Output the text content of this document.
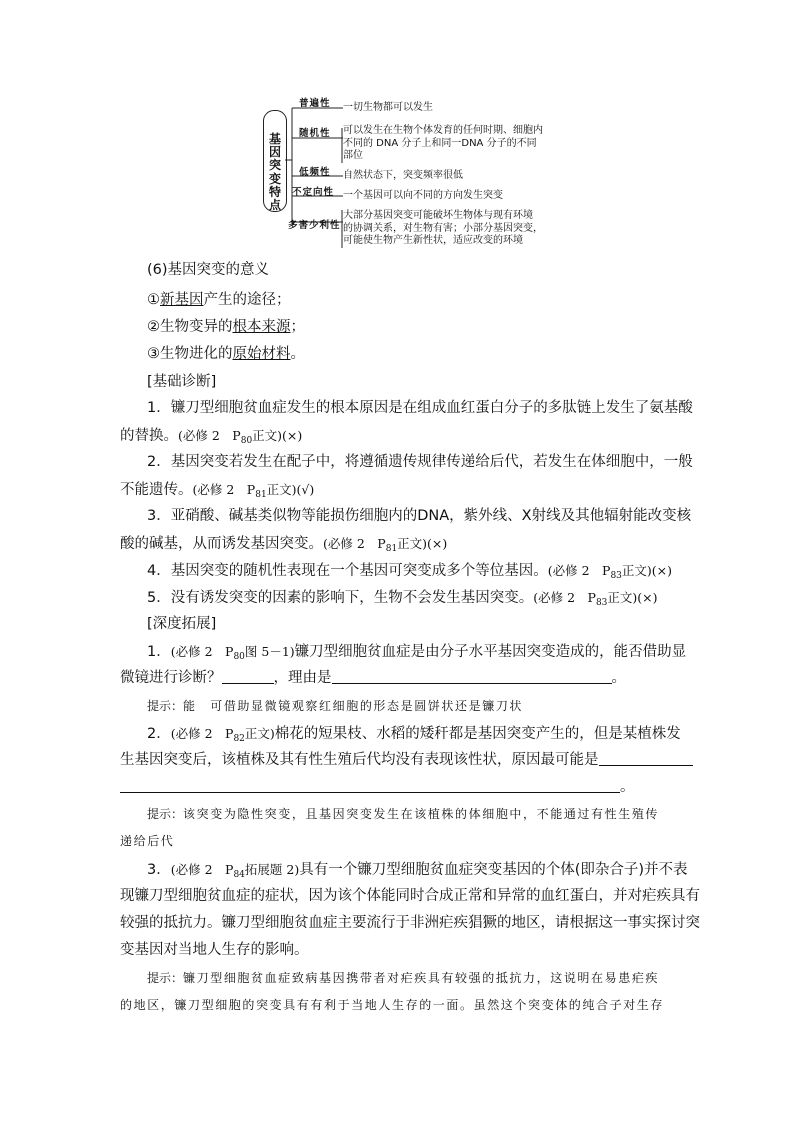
基
因
突
变
特
点
普遍性 一切生物都可以发生
随机性 可以发生在生物个体发育的任何时期、细胞内
不同的 DNA 分子上和同一DNA 分子的不同
部位
低频性 自然状态下，突变频率很低
不定向性 一个基因可以向不同的方向发生突变
多害少利性
大部分基因突变可能破坏生物体与现有环境
的协调关系，对生物有害；小部分基因突变，
可能使生物产生新性状，适应改变的环境
(6)基因突变的意义
①新基因产生的途径；
②生物变异的根本来源；
③生物进化的原始材料。
[基础诊断]
1．镰刀型细胞贫血症发生的根本原因是在组成血红蛋白分子的多肽链上发生了氨基酸
的替换。(必修 2　$P_{80}$正文)(×)
2．基因突变若发生在配子中，将遵循遗传规律传递给后代，若发生在体细胞中，一般
不能遗传。(必修 2　$P_{81}$正文)(√)
3．亚硝酸、碱基类似物等能损伤细胞内的DNA，紫外线、X射线及其他辐射能改变核
酸的碱基，从而诱发基因突变。(必修 2　$P_{81}$正文)(×)
4．基因突变的随机性表现在一个基因可突变成多个等位基因。(必修 2　$P_{83}$正文)(×)
5．没有诱发突变的因素的影响下，生物不会发生基因突变。(必修 2　$P_{83}$正文)(×)
[深度拓展]
1．(必修 2　$P_{80}$图 5－1)镰刀型细胞贫血症是由分子水平基因突变造成的，能否借助显
微镜进行诊断？	，理由是	。
提示：能　可借助显微镜观察红细胞的形态是圆饼状还是镰刀状
2．(必修 2　$P_{82}$正文)棉花的短果枝、水稻的矮秆都是基因突变产生的，但是某植株发
生基因突变后，该植株及其有性生殖后代均没有表现该性状，原因最可能是
。
提示：该突变为隐性突变，且基因突变发生在该植株的体细胞中，不能通过有性生殖传
递给后代
3．(必修 2　$P_{84}$拓展题 2)具有一个镰刀型细胞贫血症突变基因的个体(即杂合子)并不表
现镰刀型细胞贫血症的症状，因为该个体能同时合成正常和异常的血红蛋白，并对疟疾具有
较强的抵抗力。镰刀型细胞贫血症主要流行于非洲疟疾猖獗的地区，请根据这一事实探讨突
变基因对当地人生存的影响。
提示：镰刀型细胞贫血症致病基因携带者对疟疾具有较强的抵抗力，这说明在易患疟疾
的地区，镰刀型细胞的突变具有有利于当地人生存的一面。虽然这个突变体的纯合子对生存
